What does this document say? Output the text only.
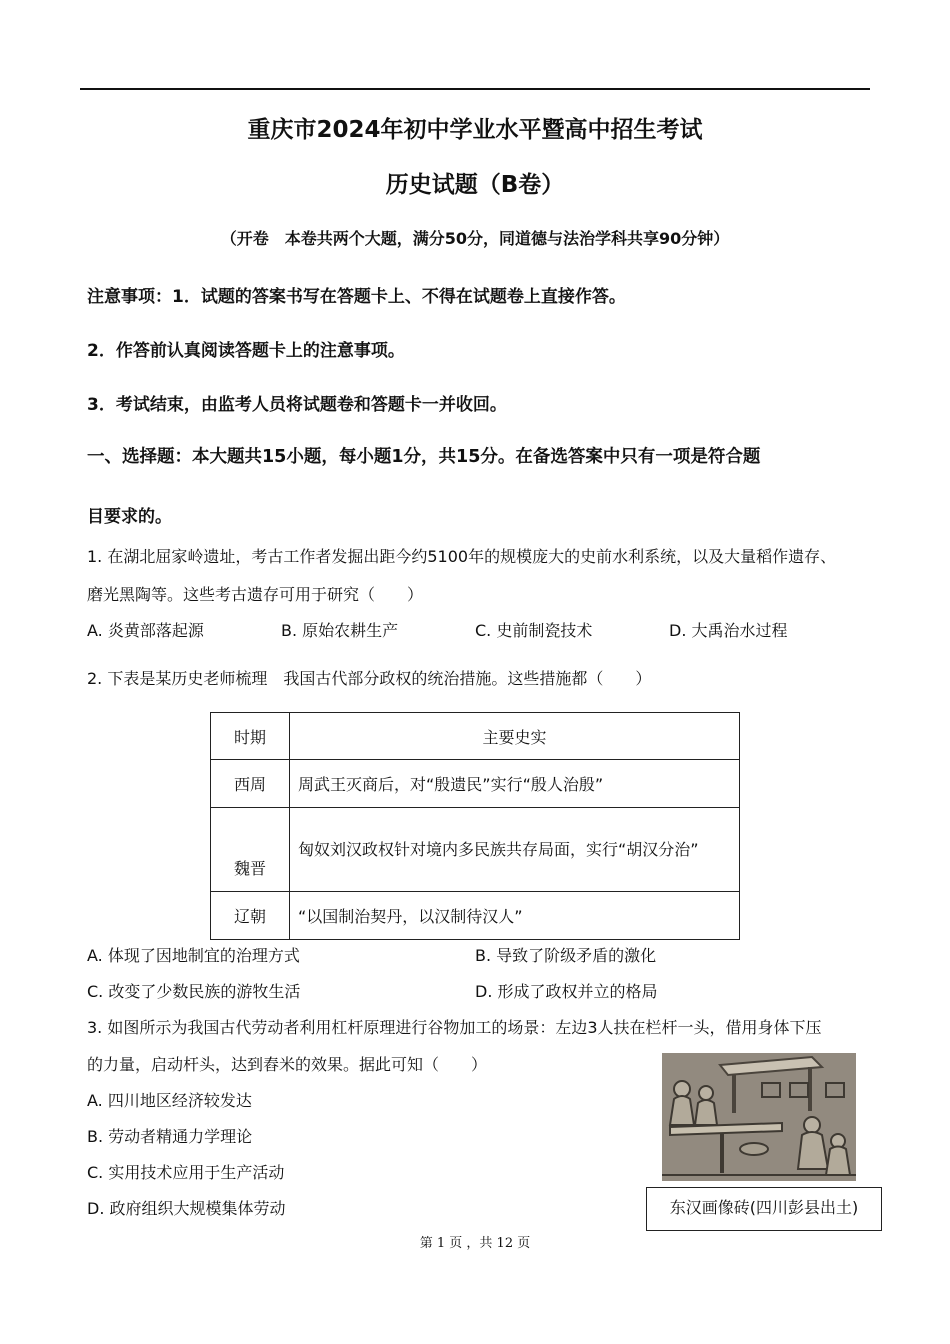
重庆市2024年初中学业水平暨高中招生考试
历史试题（B卷）
（开卷　本卷共两个大题，满分50分，同道德与法治学科共享90分钟）
注意事项：1．试题的答案书写在答题卡上、不得在试题卷上直接作答。
2．作答前认真阅读答题卡上的注意事项。
3．考试结束，由监考人员将试题卷和答题卡一并收回。
一、选择题：本大题共15小题，每小题1分，共15分。在备选答案中只有一项是符合题
目要求的。
1. 在湖北屈家岭遗址，考古工作者发掘出距今约5100年的规模庞大的史前水利系统，以及大量稻作遗存、
磨光黑陶等。这些考古遗存可用于研究（　　）
A. 炎黄部落起源	B. 原始农耕生产	C. 史前制瓷技术	D. 大禹治水过程
2. 下表是某历史老师梳理　我国古代部分政权的统治措施。这些措施都（　　）
时期	主要史实
西周	周武王灭商后，对“殷遗民”实行“殷人治殷”
魏晋	匈奴刘汉政权针对境内多民族共存局面，实行“胡汉分治”
辽朝	“以国制治契丹，以汉制待汉人”
A. 体现了因地制宜的治理方式	B. 导致了阶级矛盾的激化
C. 改变了少数民族的游牧生活	D. 形成了政权并立的格局
3. 如图所示为我国古代劳动者利用杠杆原理进行谷物加工的场景：左边3人扶在栏杆一头，借用身体下压
的力量，启动杆头，达到舂米的效果。据此可知（　　）
A. 四川地区经济较发达
B. 劳动者精通力学理论
C. 实用技术应用于生产活动
D. 政府组织大规模集体劳动	东汉画像砖(四川彭县出土)
第 1 页 ，共 12 页
